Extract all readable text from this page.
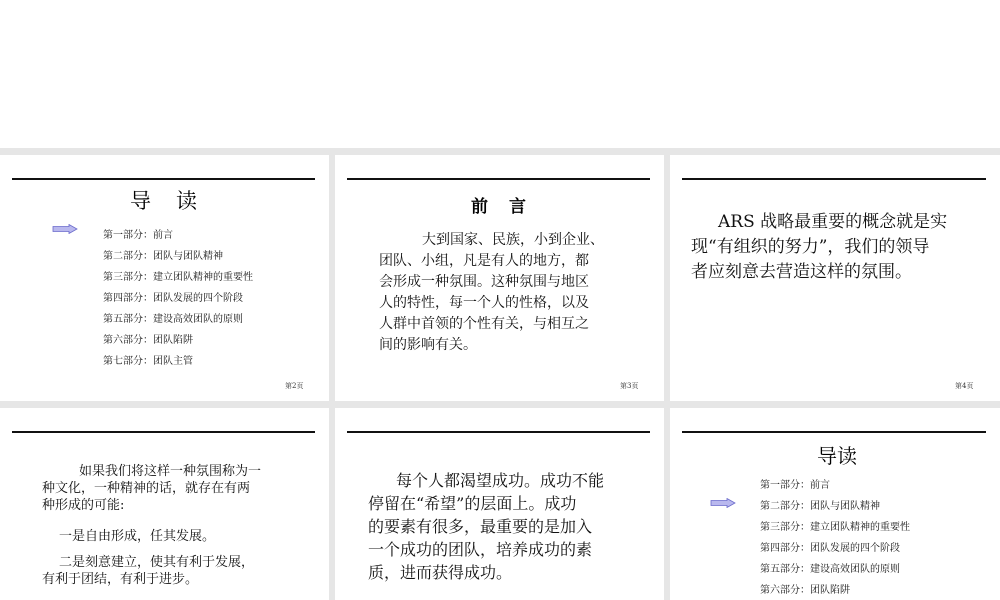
导　读
第一部分：前言
第二部分：团队与团队精神
第三部分：建立团队精神的重要性
第四部分：团队发展的四个阶段
第五部分：建设高效团队的原则
第六部分：团队陷阱
第七部分：团队主管
第2页
前　言
大到国家、民族，小到企业、
团队、小组，凡是有人的地方，都
会形成一种氛围。这种氛围与地区
人的特性，每一个人的性格，以及
人群中首领的个性有关，与相互之
间的影响有关。
第3页
ARS 战略最重要的概念就是实
现“有组织的努力”，我们的领导
者应刻意去营造这样的氛围。
第4页
如果我们将这样一种氛围称为一
种文化，一种精神的话，就存在有两
种形成的可能:
一是自由形成，任其发展。
二是刻意建立，使其有利于发展，
有利于团结，有利于进步。
每个人都渴望成功。成功不能
停留在“希望”的层面上。成功
的要素有很多，最重要的是加入
一个成功的团队，培养成功的素
质，进而获得成功。
导读
第一部分：前言
第二部分：团队与团队精神
第三部分：建立团队精神的重要性
第四部分：团队发展的四个阶段
第五部分：建设高效团队的原则
第六部分：团队陷阱
